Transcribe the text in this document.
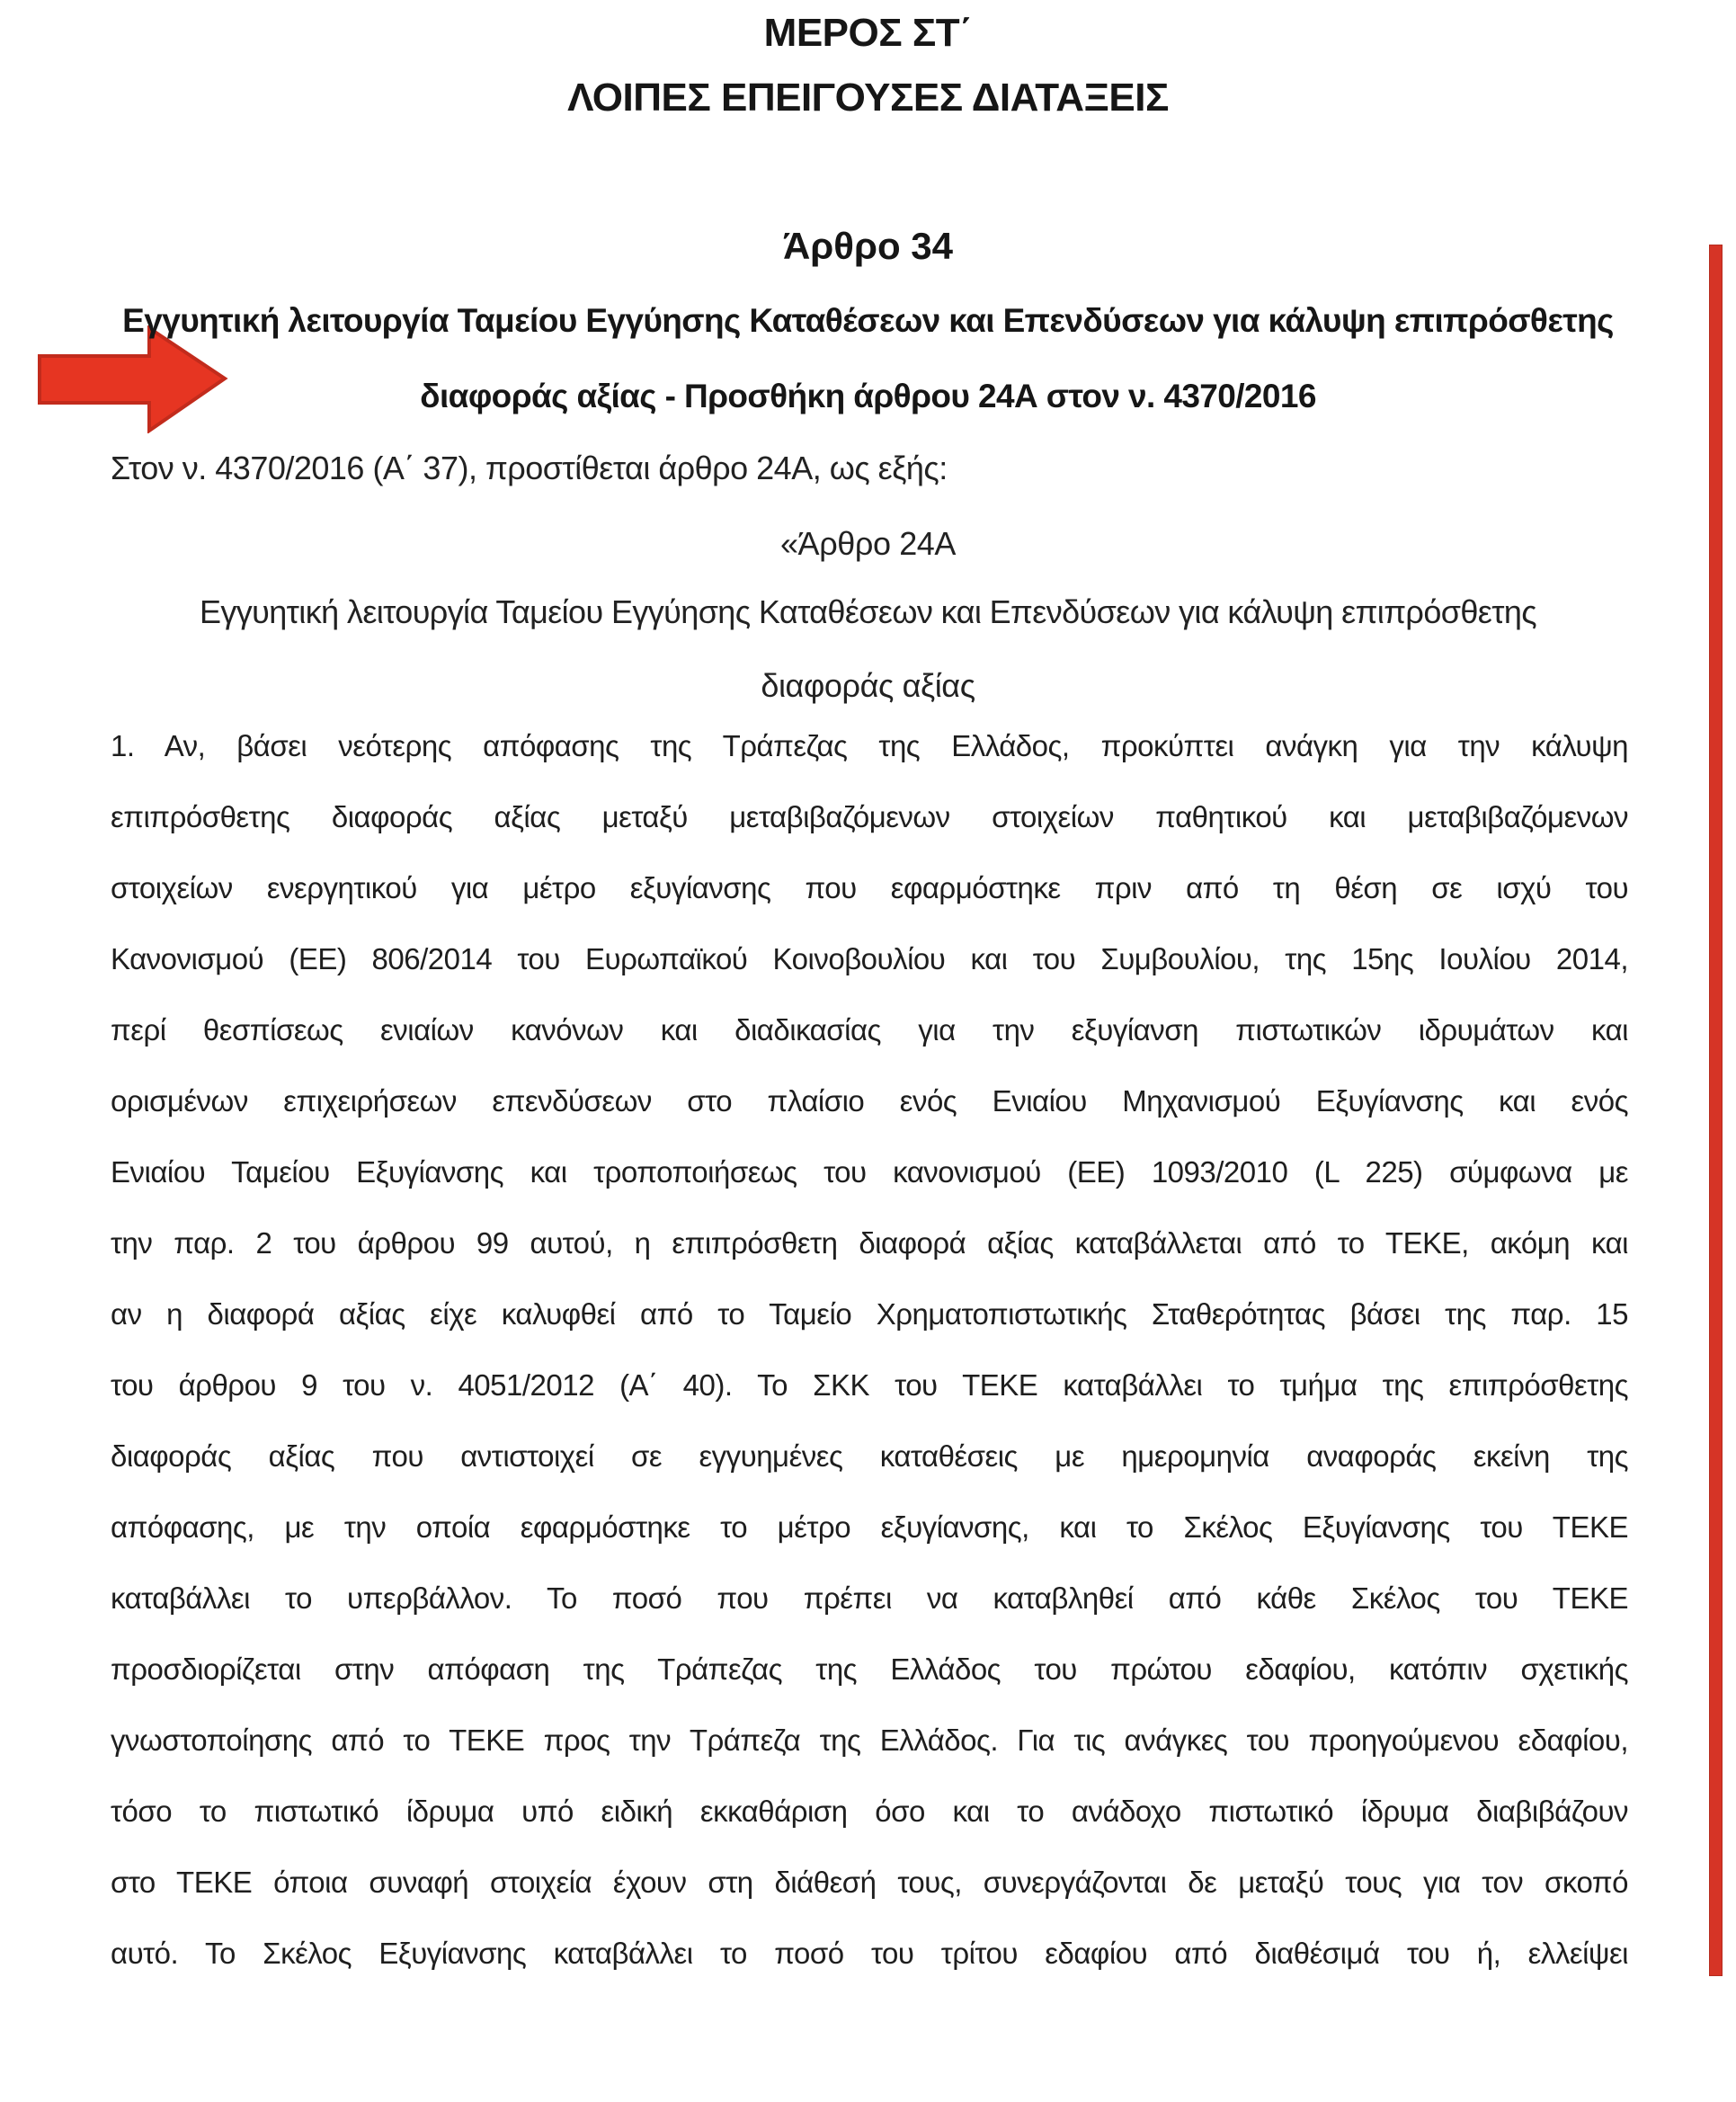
ΜΕΡΟΣ ΣΤ΄
ΛΟΙΠΕΣ ΕΠΕΙΓΟΥΣΕΣ ΔΙΑΤΑΞΕΙΣ
Άρθρο 34
Εγγυητική λειτουργία Ταμείου Εγγύησης Καταθέσεων και Επενδύσεων για κάλυψη επιπρόσθετης
διαφοράς αξίας - Προσθήκη άρθρου 24Α στον ν. 4370/2016
Στον ν. 4370/2016 (Α΄ 37), προστίθεται άρθρο 24Α, ως εξής:
«Άρθρο 24Α
Εγγυητική λειτουργία Ταμείου Εγγύησης Καταθέσεων και Επενδύσεων για κάλυψη επιπρόσθετης
διαφοράς αξίας
1. Αν, βάσει νεότερης απόφασης της Τράπεζας της Ελλάδος, προκύπτει ανάγκη για την κάλυψη
επιπρόσθετης διαφοράς αξίας μεταξύ μεταβιβαζόμενων στοιχείων παθητικού και μεταβιβαζόμενων
στοιχείων ενεργητικού για μέτρο εξυγίανσης που εφαρμόστηκε πριν από τη θέση σε ισχύ του
Κανονισμού (ΕΕ) 806/2014 του Ευρωπαϊκού Κοινοβουλίου και του Συμβουλίου, της 15ης Ιουλίου 2014,
περί θεσπίσεως ενιαίων κανόνων και διαδικασίας για την εξυγίανση πιστωτικών ιδρυμάτων και
ορισμένων επιχειρήσεων επενδύσεων στο πλαίσιο ενός Ενιαίου Μηχανισμού Εξυγίανσης και ενός
Ενιαίου Ταμείου Εξυγίανσης και τροποποιήσεως του κανονισμού (ΕΕ) 1093/2010 (L 225) σύμφωνα με
την παρ. 2 του άρθρου 99 αυτού, η επιπρόσθετη διαφορά αξίας καταβάλλεται από το ΤΕΚΕ, ακόμη και
αν η διαφορά αξίας είχε καλυφθεί από το Ταμείο Χρηματοπιστωτικής Σταθερότητας βάσει της παρ. 15
του άρθρου 9 του ν. 4051/2012 (Α΄ 40). Το ΣΚΚ του ΤΕΚΕ καταβάλλει το τμήμα της επιπρόσθετης
διαφοράς αξίας που αντιστοιχεί σε εγγυημένες καταθέσεις με ημερομηνία αναφοράς εκείνη της
απόφασης, με την οποία εφαρμόστηκε το μέτρο εξυγίανσης, και το Σκέλος Εξυγίανσης του ΤΕΚΕ
καταβάλλει το υπερβάλλον. Το ποσό που πρέπει να καταβληθεί από κάθε Σκέλος του ΤΕΚΕ
προσδιορίζεται στην απόφαση της Τράπεζας της Ελλάδος του πρώτου εδαφίου, κατόπιν σχετικής
γνωστοποίησης από το ΤΕΚΕ προς την Τράπεζα της Ελλάδος. Για τις ανάγκες του προηγούμενου εδαφίου,
τόσο το πιστωτικό ίδρυμα υπό ειδική εκκαθάριση όσο και το ανάδοχο πιστωτικό ίδρυμα διαβιβάζουν
στο ΤΕΚΕ όποια συναφή στοιχεία έχουν στη διάθεσή τους, συνεργάζονται δε μεταξύ τους για τον σκοπό
αυτό. Το Σκέλος Εξυγίανσης καταβάλλει το ποσό του τρίτου εδαφίου από διαθέσιμά του ή, ελλείψει
